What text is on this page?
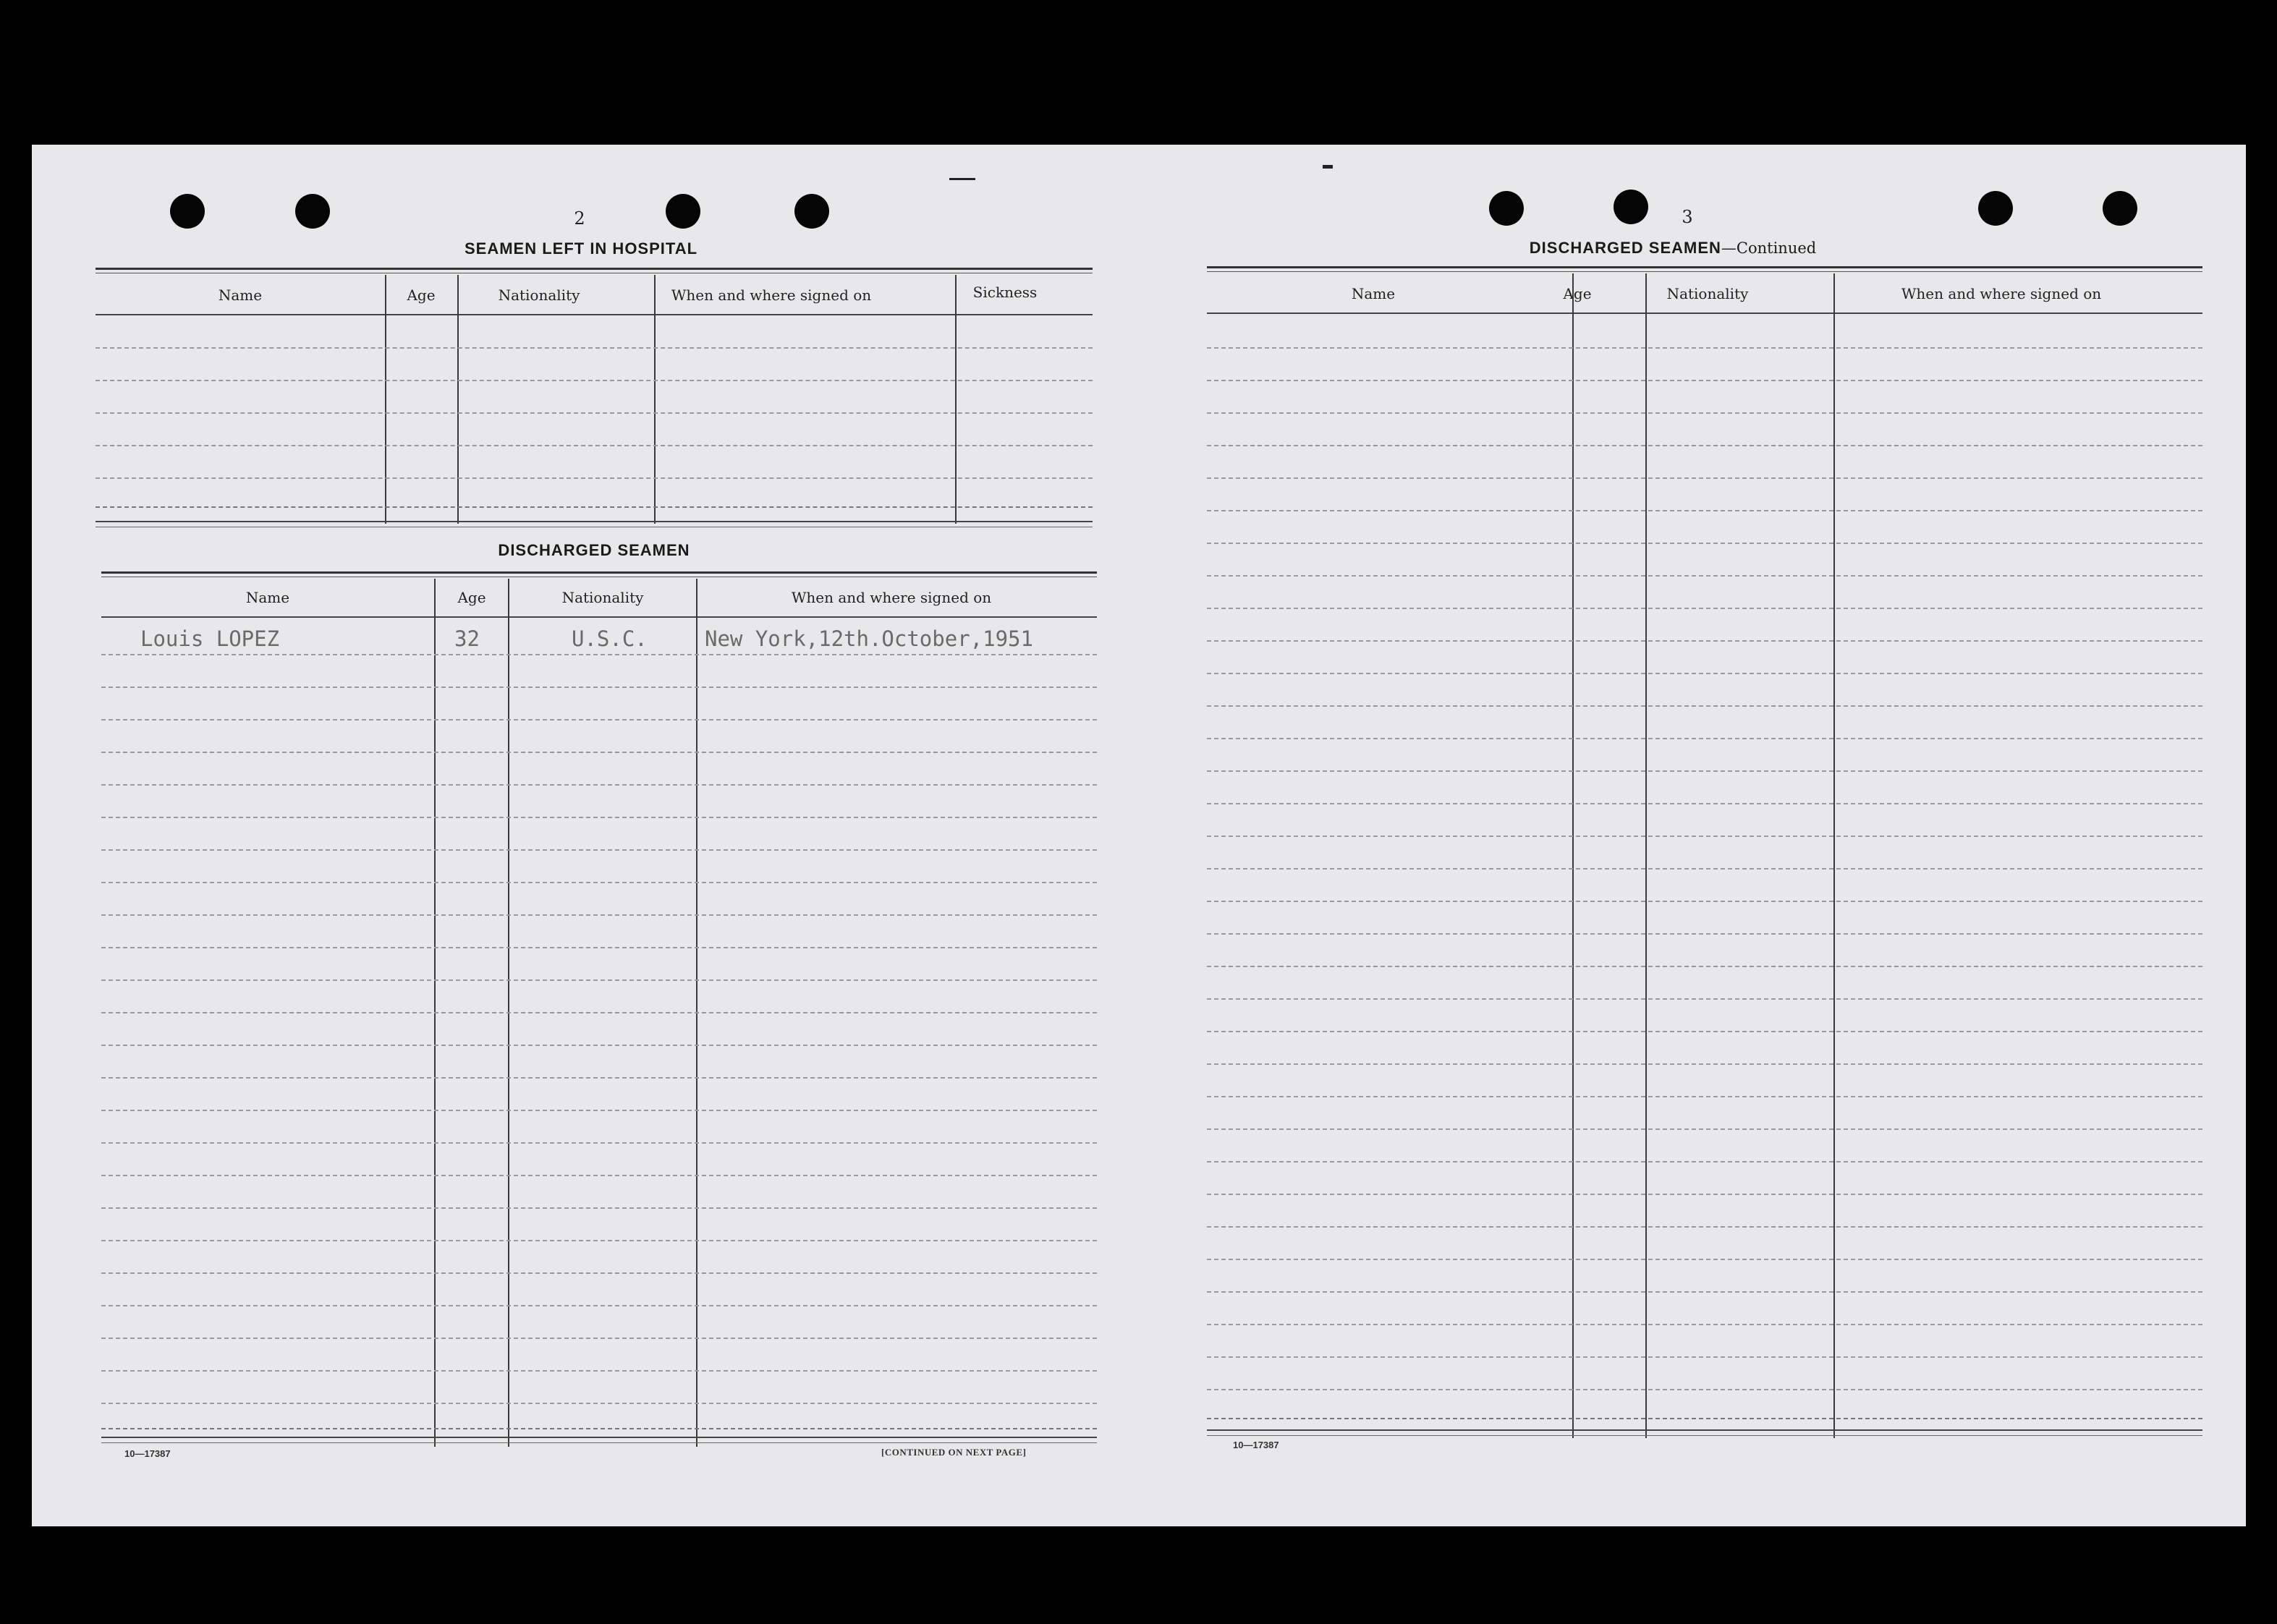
2
SEAMEN LEFT IN HOSPITAL
Name	Age	Nationality	When and where signed on	Sickness
DISCHARGED SEAMEN
Name	Age	Nationality	When and where signed on
Louis LOPEZ	32	U.S.C.	New York,12th.October,1951
10—17387	[CONTINUED ON NEXT PAGE]
3
DISCHARGED SEAMEN—Continued
Name	Age	Nationality	When and where signed on
10—17387
